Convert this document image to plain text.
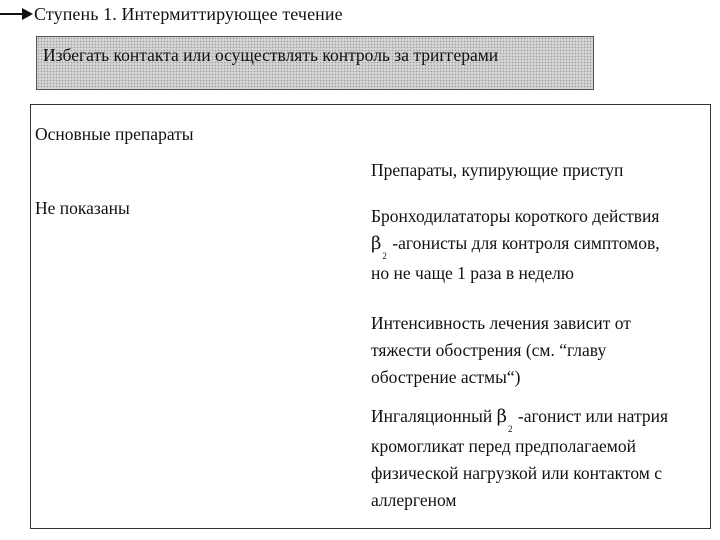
Ступень 1. Интермиттирующее течение
Избегать контакта или осуществлять контроль за триггерами
Основные препараты
Препараты, купирующие приступ
Не показаны	Бронходилататоры короткого действия
$\beta_2$ -агонисты для контроля симптомов,
но не чаще 1 раза в неделю
Интенсивность лечения зависит от
тяжести обострения (см. “главу
обострение астмы“)
Ингаляционный $\beta_2$ -агонист или натрия
кромогликат перед предполагаемой
физической нагрузкой или контактом с
аллергеном
